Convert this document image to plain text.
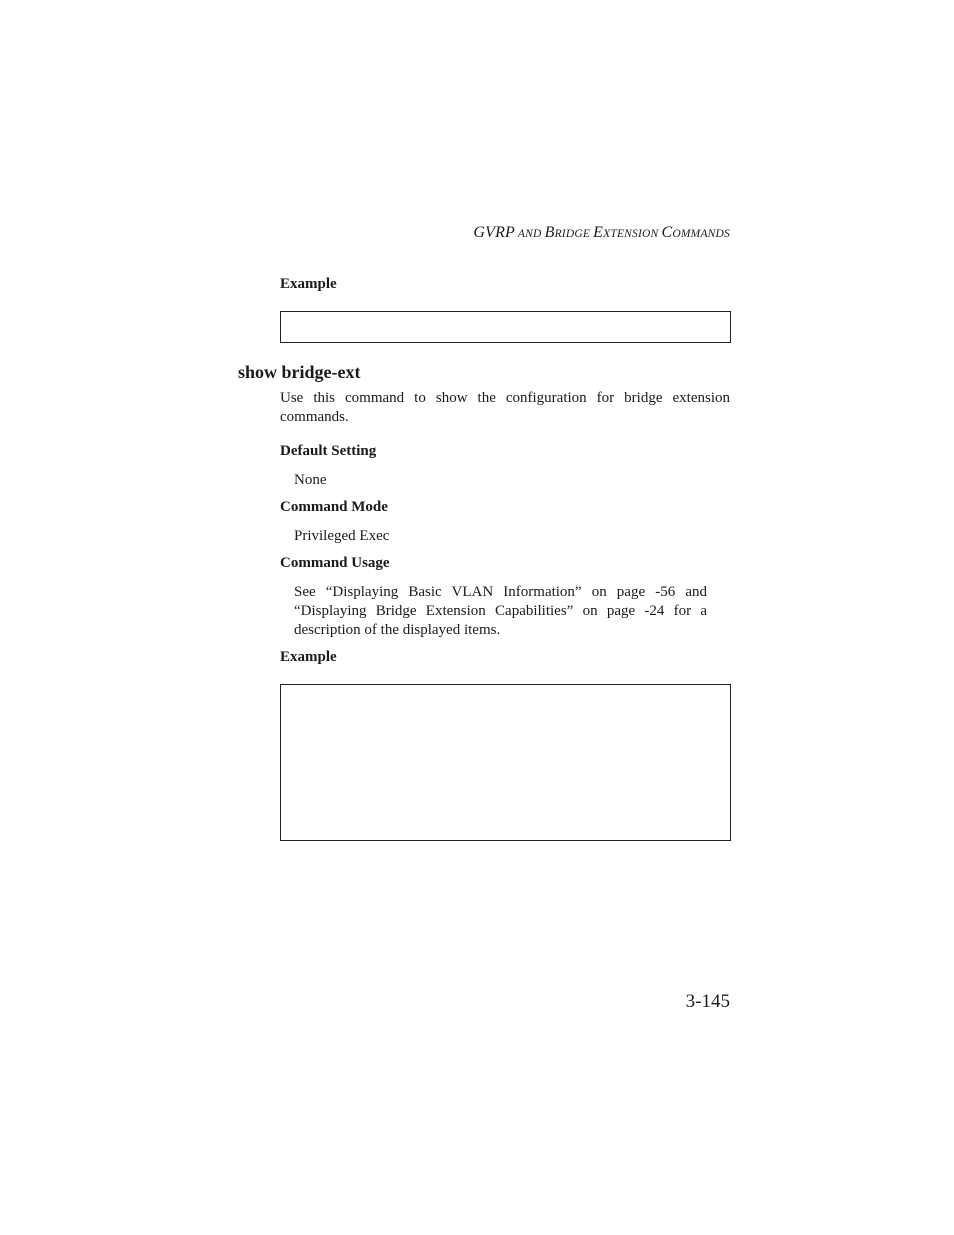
GVRP AND BRIDGE EXTENSION COMMANDS
Example
show bridge-ext
Use this command to show the configuration for bridge extension commands.
Default Setting
None
Command Mode
Privileged Exec
Command Usage
See “Displaying Basic VLAN Information” on page -56 and “Displaying Bridge Extension Capabilities” on page -24 for a description of the displayed items.
Example
3-145
